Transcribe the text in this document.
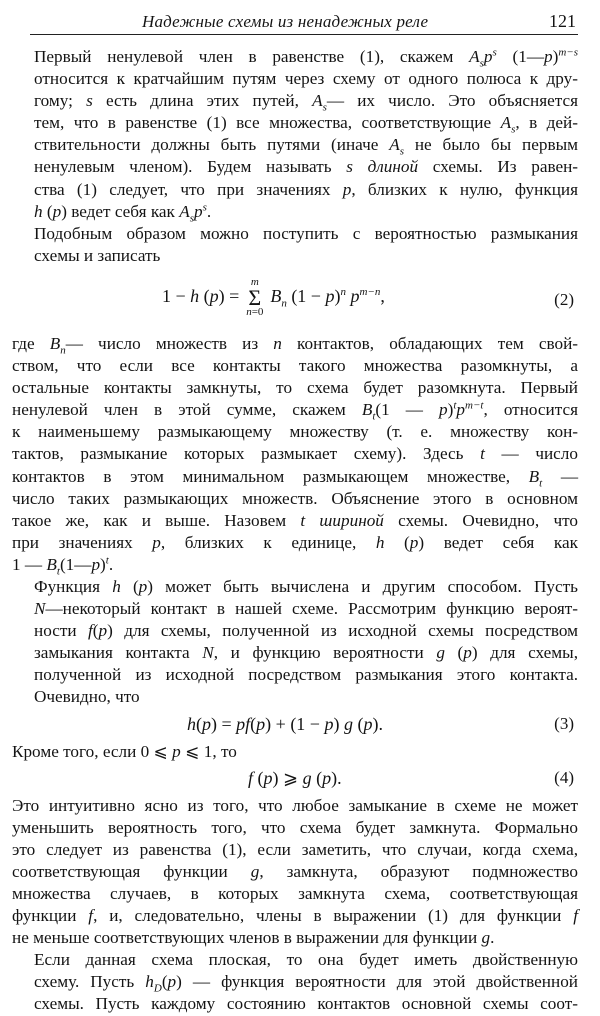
Надежные схемы из ненадежных реле	121

Первый ненулевой член в равенстве (1), скажем $A_sp^s$ (1—p)$^{m-s}$
относится к кратчайшим путям через схему от одного полюса к дру-
гому; s есть длина этих путей, $A_s—$ их число. Это объясняется
тем, что в равенстве (1) все множества, соответствующие $A_s$, в дей-
ствительности должны быть путями (иначе $A_s$ не было бы первым
ненулевым членом). Будем называть s длиной схемы. Из равен-
ства (1) следует, что при значениях p, близких к нулю, функция
h (p) ведет себя как $A_sp^s$.

Подобным образом можно поступить с вероятностью размыкания
схемы и записать

1 − h (p) = Σ
m
n=0
$B_n$ $(1 - p)^n$ $p^{m-n}$,	(2)

где $B_n—$ число множеств из n контактов, обладающих тем свой-
ством, что если все контакты такого множества разомкнуты, а
остальные контакты замкнуты, то схема будет разомкнута. Первый
ненулевой член в этой сумме, скажем $B_t(1$ — $p)^tp^{m-t}$, относится
к наименьшему размыкающему множеству (т. е. множеству кон-
тактов, размыкание которых размыкает схему). Здесь t — число
контактов в этом минимальном размыкающем множестве, $B_t$ —
число таких размыкающих множеств. Объяснение этого в основном
такое же, как и выше. Назовем t шириной схемы. Очевидно, что
при значениях p, близких к единице, h (p) ведет себя как
1 — $B_t(1—p)^t$.

Функция h (p) может быть вычислена и другим способом. Пусть
N—некоторый контакт в нашей схеме. Рассмотрим функцию вероят-
ности f(p) для схемы, полученной из исходной схемы посредством
замыкания контакта N, и функцию вероятности g (p) для схемы,
полученной из исходной посредством размыкания этого контакта.
Очевидно, что

h(p) = pf(p) + (1 − p) g (p).	(3)

Кроме того, если 0 ⩽ p ⩽ 1, то

f (p) ⩾ g (p).	(4)

Это интуитивно ясно из того, что любое замыкание в схеме не может
уменьшить вероятность того, что схема будет замкнута. Формально
это следует из равенства (1), если заметить, что случаи, когда схема,
соответствующая функции g, замкнута, образуют подмножество
множества случаев, в которых замкнута схема, соответствующая
функции f, и, следовательно, члены в выражении (1) для функции f
не меньше соответствующих членов в выражении для функции g.

Если данная схема плоская, то она будет иметь двойственную
схему. Пусть $h_D(p)$ — функция вероятности для этой двойственной
схемы. Пусть каждому состоянию контактов основной схемы соот-
